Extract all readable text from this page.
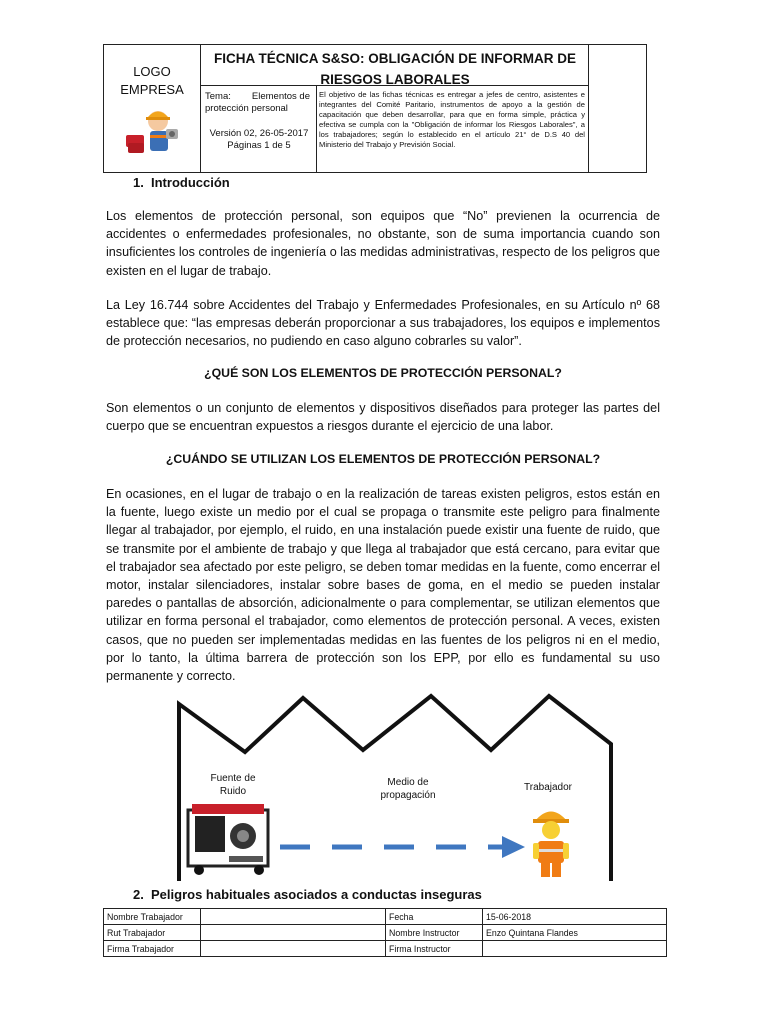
LOGO
EMPRESA
FICHA TÉCNICA S&SO: OBLIGACIÓN DE INFORMAR DE
RIESGOS LABORALES
Tema: Elementos de
protección personal
Versión 02, 26-05-2017
Páginas 1 de 5
El objetivo de las fichas técnicas es entregar a jefes de centro, asistentes e integrantes del Comité Paritario, instrumentos de apoyo a la gestión de capacitación que deben desarrollar, para que en forma simple, práctica y efectiva se cumpla con la "Obligación de informar los Riesgos Laborales", a los trabajadores; según lo establecido en el artículo 21° de D.S 40 del Ministerio del Trabajo y Previsión Social.
1. Introducción
Los elementos de protección personal, son equipos que “No” previenen la ocurrencia de accidentes o enfermedades profesionales, no obstante, son de suma importancia cuando son insuficientes los controles de ingeniería o las medidas administrativas, respecto de los peligros que existen en el lugar de trabajo.
La Ley 16.744 sobre Accidentes del Trabajo y Enfermedades Profesionales, en su Artículo nº 68 establece que: “las empresas deberán proporcionar a sus trabajadores, los equipos e implementos de protección necesarios, no pudiendo en caso alguno cobrarles su valor”.
¿QUÉ SON LOS ELEMENTOS DE PROTECCIÓN PERSONAL?
Son elementos o un conjunto de elementos y dispositivos diseñados para proteger las partes del cuerpo que se encuentran expuestos a riesgos durante el ejercicio de una labor.
¿CUÁNDO SE UTILIZAN LOS ELEMENTOS DE PROTECCIÓN PERSONAL?
En ocasiones, en el lugar de trabajo o en la realización de tareas existen peligros, estos están en la fuente, luego existe un medio por el cual se propaga o transmite este peligro para finalmente llegar al trabajador, por ejemplo, el ruido, en una instalación puede existir una fuente de ruido, que se transmite por el ambiente de trabajo y que llega al trabajador que está cercano, para evitar que el trabajador sea afectado por este peligro, se deben tomar medidas en la fuente, como encerrar el motor, instalar silenciadores, instalar sobre bases de goma, en el medio se pueden instalar paredes o pantallas de absorción, adicionalmente o para complementar, se utilizan elementos que utilizar en forma personal el trabajador, como elementos de protección personal. A veces, existen casos, que no pueden ser implementadas medidas en las fuentes de los peligros ni en el medio, por lo tanto, la última barrera de protección son los EPP, por ello es fundamental su uso permanente y correcto.
Fuente de
Ruido
Medio de
propagación
Trabajador
2. Peligros habituales asociados a conductas inseguras
Nombre Trabajador		Fecha	15-06-2018
Rut Trabajador		Nombre Instructor	Enzo Quintana Flandes
Firma Trabajador		Firma Instructor	
